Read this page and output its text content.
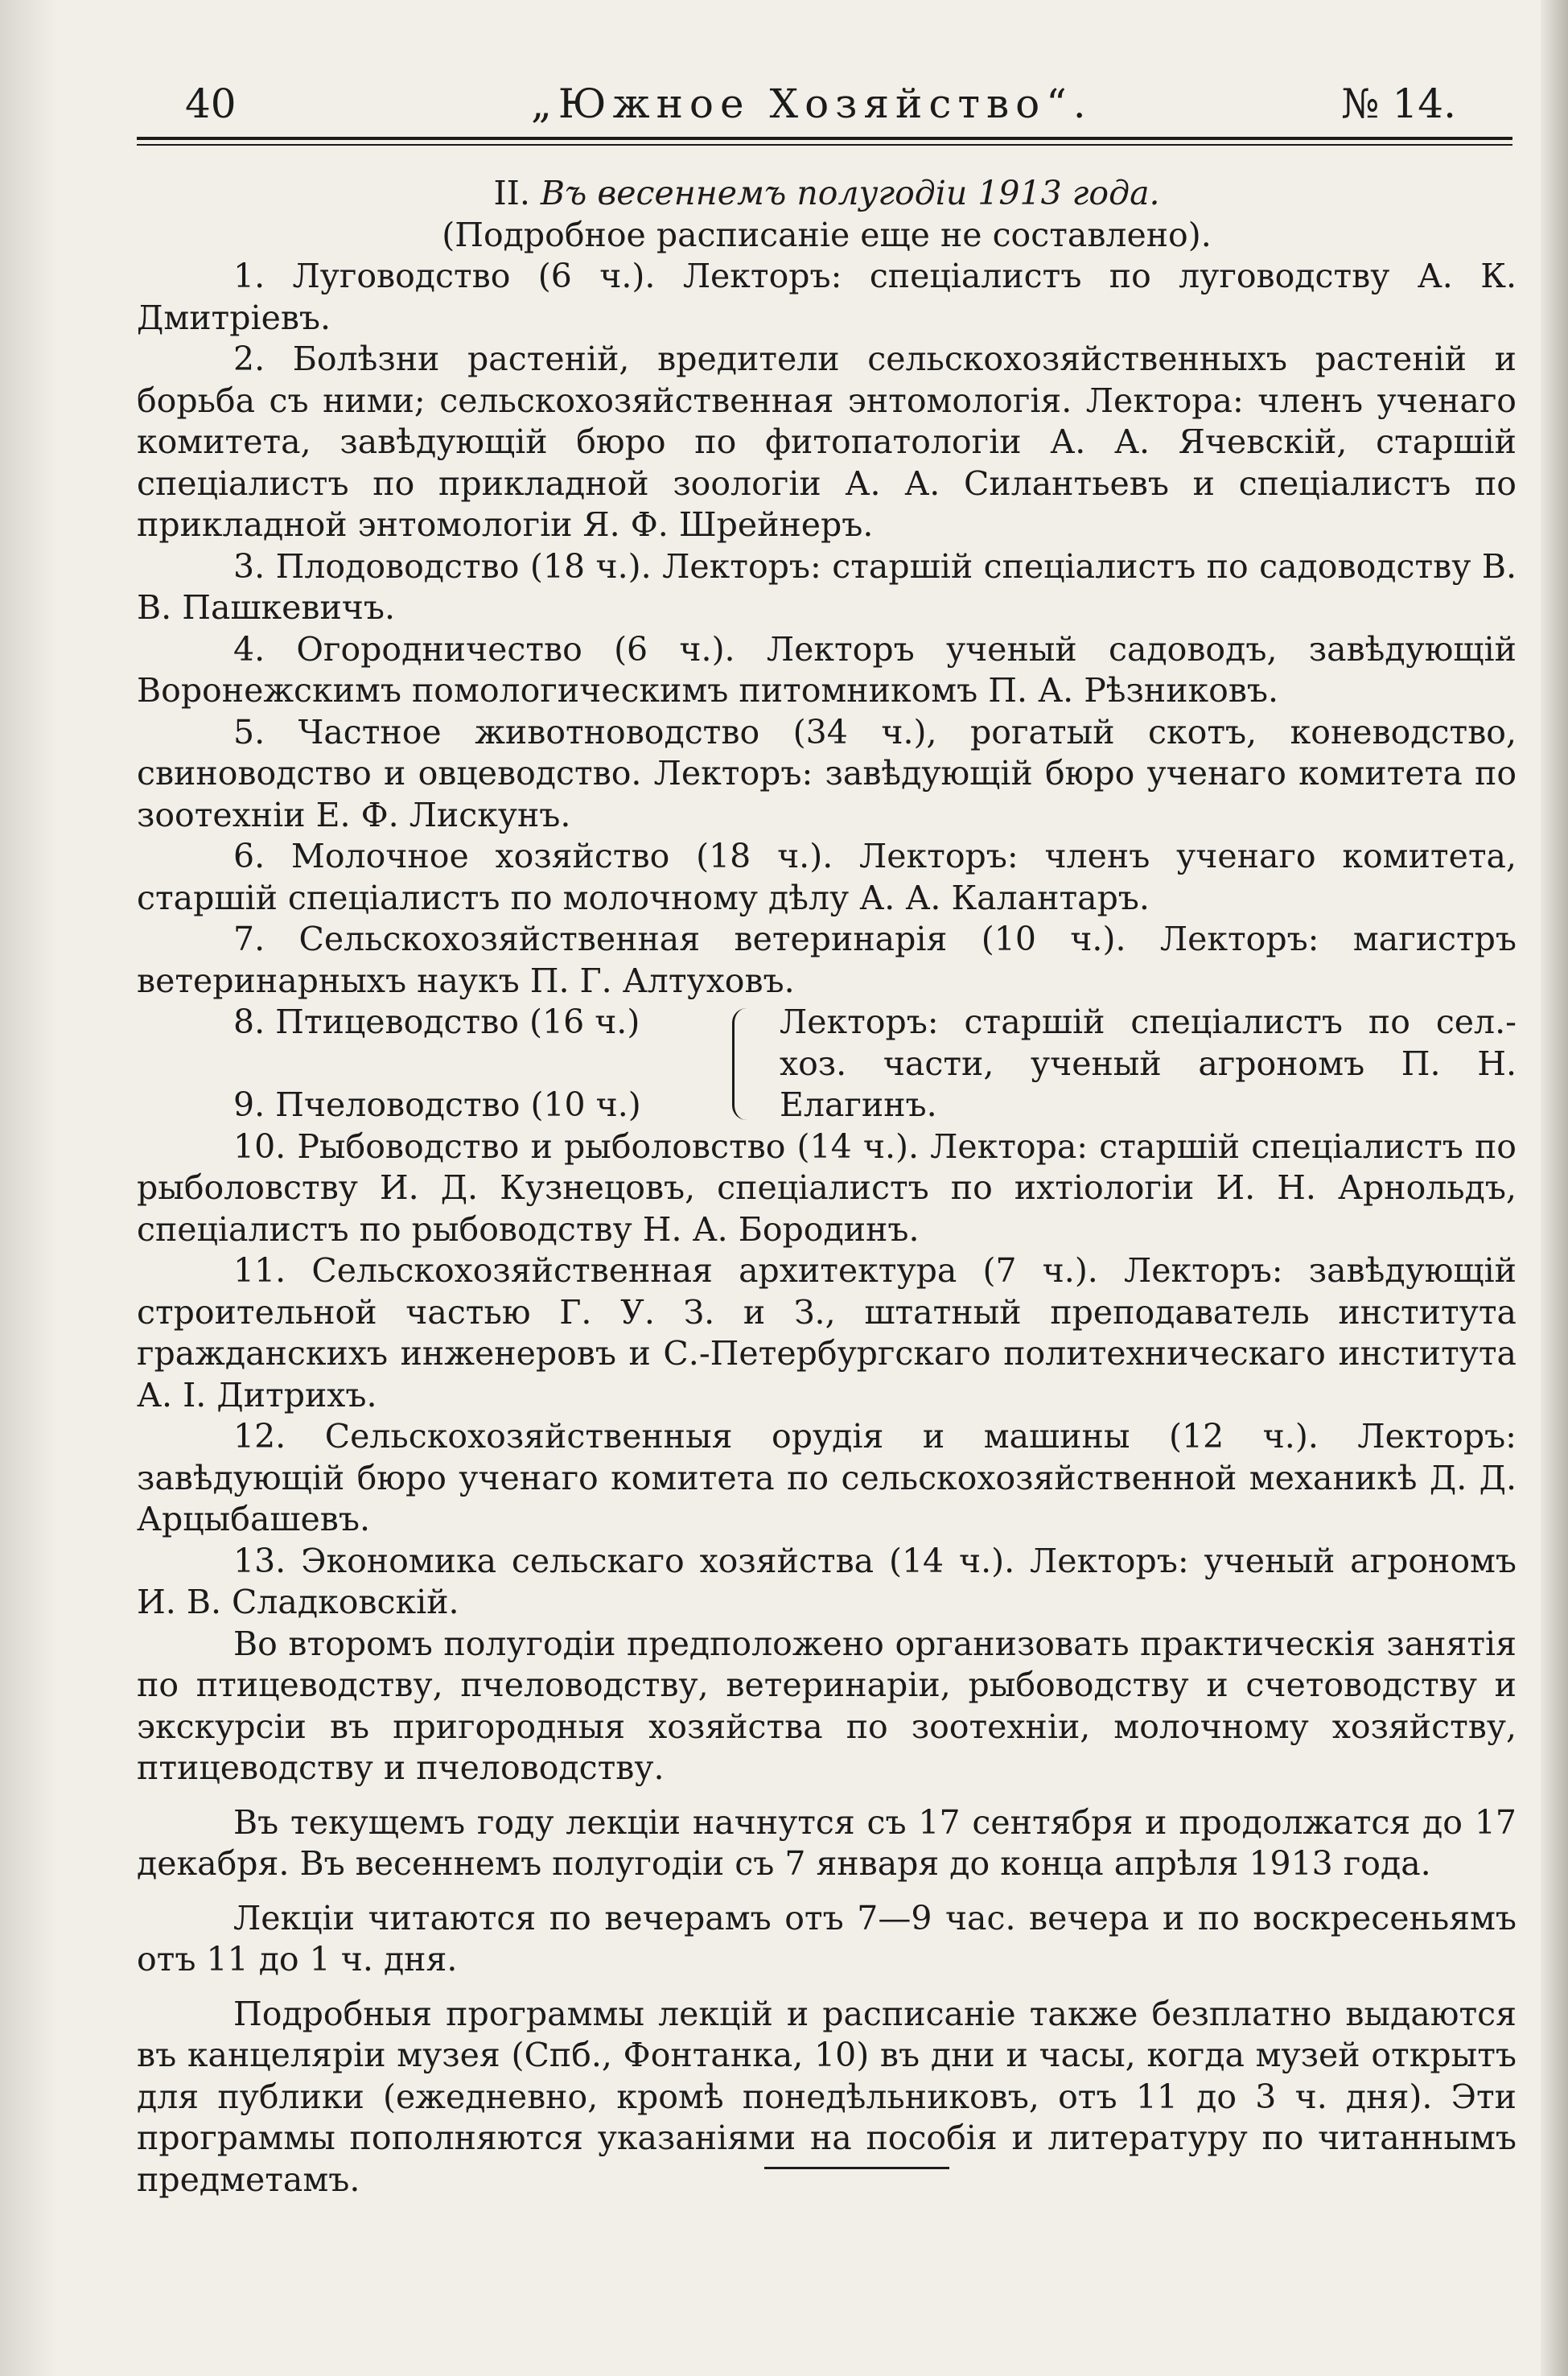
40	„Южное Хозяйство“.	№ 14.
II. Въ весеннемъ полугодіи 1913 года.
(Подробное расписаніе еще не составлено).

1. Луговодство (6 ч.). Лекторъ: спеціалистъ по луговодству А. К. Дмитріевъ.

2. Болѣзни растеній, вредители сельскохозяйственныхъ растеній и борьба съ ними; сельскохозяйственная энтомологія. Лектора: членъ ученаго комитета, завѣдующій бюро по фитопатологіи А. А. Ячевскій, старшій спеціалистъ по прикладной зоологіи А. А. Силантьевъ и спеціалистъ по прикладной энтомологіи Я. Ф. Шрейнеръ.

3. Плодоводство (18 ч.). Лекторъ: старшій спеціалистъ по садоводству В. В. Пашкевичъ.

4. Огородничество (6 ч.). Лекторъ ученый садоводъ, завѣдующій Воронежскимъ помологическимъ питомникомъ П. А. Рѣзниковъ.

5. Частное животноводство (34 ч.), рогатый скотъ, коневодство, свиноводство и овцеводство. Лекторъ: завѣдующій бюро ученаго комитета по зоотехніи Е. Ф. Лискунъ.

6. Молочное хозяйство (18 ч.). Лекторъ: членъ ученаго комитета, старшій спеціалистъ по молочному дѣлу А. А. Калантаръ.

7. Сельскохозяйственная ветеринарія (10 ч.). Лекторъ: магистръ ветеринарныхъ наукъ П. Г. Алтуховъ.

8. Птицеводство (16 ч.)
9. Пчеловодство (10 ч.)
Лекторъ: старшій спеціалистъ по сел.-хоз. части, ученый агрономъ П. Н. Елагинъ.

10. Рыбоводство и рыболовство (14 ч.). Лектора: старшій спеціалистъ по рыболовству И. Д. Кузнецовъ, спеціалистъ по ихтіологіи И. Н. Арнольдъ, спеціалистъ по рыбоводству Н. А. Бородинъ.

11. Сельскохозяйственная архитектура (7 ч.). Лекторъ: завѣдующій строительной частью Г. У. З. и З., штатный преподаватель института гражданскихъ инженеровъ и С.-Петербургскаго политехническаго института А. І. Дитрихъ.

12. Сельскохозяйственныя орудія и машины (12 ч.). Лекторъ: завѣдующій бюро ученаго комитета по сельскохозяйственной механикѣ Д. Д. Арцыбашевъ.

13. Экономика сельскаго хозяйства (14 ч.). Лекторъ: ученый агрономъ И. В. Сладковскій.

Во второмъ полугодіи предположено организовать практическія занятія по птицеводству, пчеловодству, ветеринаріи, рыбоводству и счетоводству и экскурсіи въ пригородныя хозяйства по зоотехніи, молочному хозяйству, птицеводству и пчеловодству.

Въ текущемъ году лекціи начнутся съ 17 сентября и продолжатся до 17 декабря. Въ весеннемъ полугодіи съ 7 января до конца апрѣля 1913 года.

Лекціи читаются по вечерамъ отъ 7—9 час. вечера и по воскресеньямъ отъ 11 до 1 ч. дня.

Подробныя программы лекцій и расписаніе также безплатно выдаются въ канцеляріи музея (Спб., Фонтанка, 10) въ дни и часы, когда музей открытъ для публики (ежедневно, кромѣ понедѣльниковъ, отъ 11 до 3 ч. дня). Эти программы пополняются указаніями на пособія и литературу по читаннымъ предметамъ.
